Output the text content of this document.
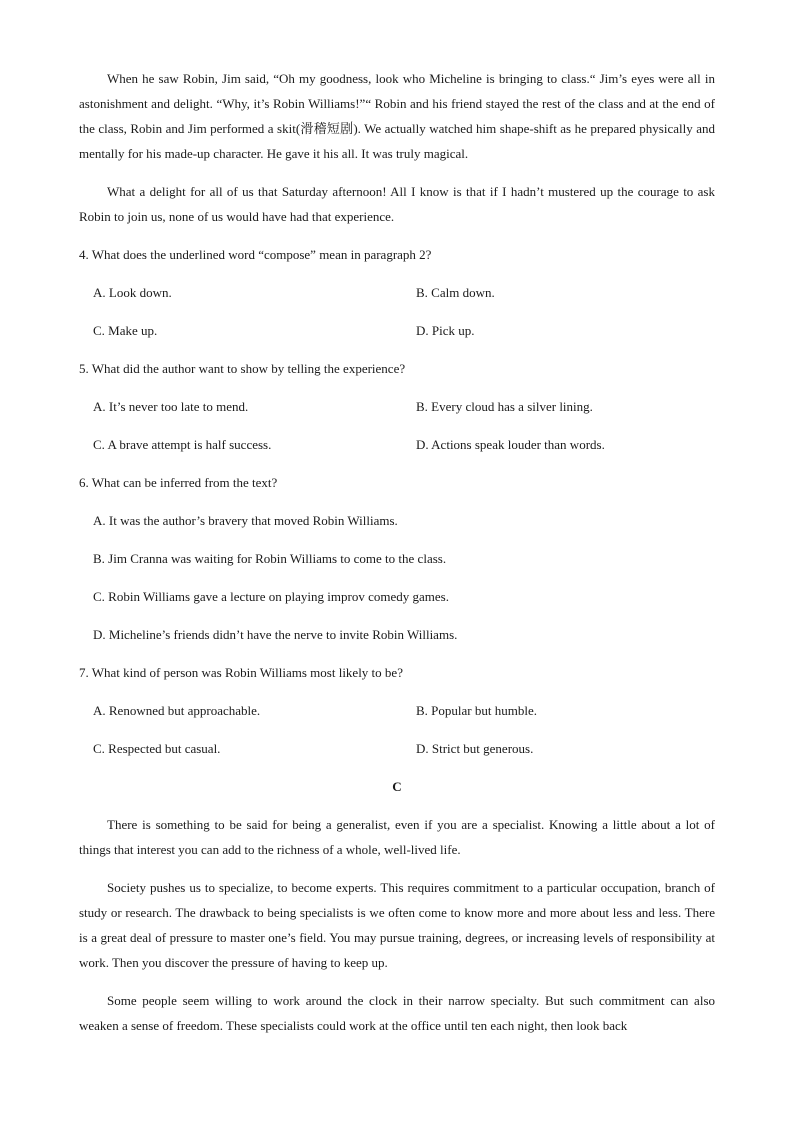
When he saw Robin, Jim said, “Oh my goodness, look who Micheline is bringing to class.“ Jim’s eyes were all in astonishment and delight. “Why, it’s Robin Williams!”“ Robin and his friend stayed the rest of the class and at the end of the class, Robin and Jim performed a skit(滑稽短剧). We actually watched him shape-shift as he prepared physically and mentally for his made-up character. He gave it his all. It was truly magical.

What a delight for all of us that Saturday afternoon! All I know is that if I hadn’t mustered up the courage to ask Robin to join us, none of us would have had that experience.

4. What does the underlined word “compose” mean in paragraph 2?
A. Look down.	B. Calm down.
C. Make up.	D. Pick up.
5. What did the author want to show by telling the experience?
A. It’s never too late to mend.	B. Every cloud has a silver lining.
C. A brave attempt is half success.	D. Actions speak louder than words.
6. What can be inferred from the text?
A. It was the author’s bravery that moved Robin Williams.
B. Jim Cranna was waiting for Robin Williams to come to the class.
C. Robin Williams gave a lecture on playing improv comedy games.
D. Micheline’s friends didn’t have the nerve to invite Robin Williams.
7. What kind of person was Robin Williams most likely to be?
A. Renowned but approachable.	B. Popular but humble.
C. Respected but casual.	D. Strict but generous.
C

There is something to be said for being a generalist, even if you are a specialist. Knowing a little about a lot of things that interest you can add to the richness of a whole, well-lived life.

Society pushes us to specialize, to become experts. This requires commitment to a particular occupation, branch of study or research. The drawback to being specialists is we often come to know more and more about less and less. There is a great deal of pressure to master one’s field. You may pursue training, degrees, or increasing levels of responsibility at work. Then you discover the pressure of having to keep up.

Some people seem willing to work around the clock in their narrow specialty. But such commitment can also weaken a sense of freedom. These specialists could work at the office until ten each night, then look back
